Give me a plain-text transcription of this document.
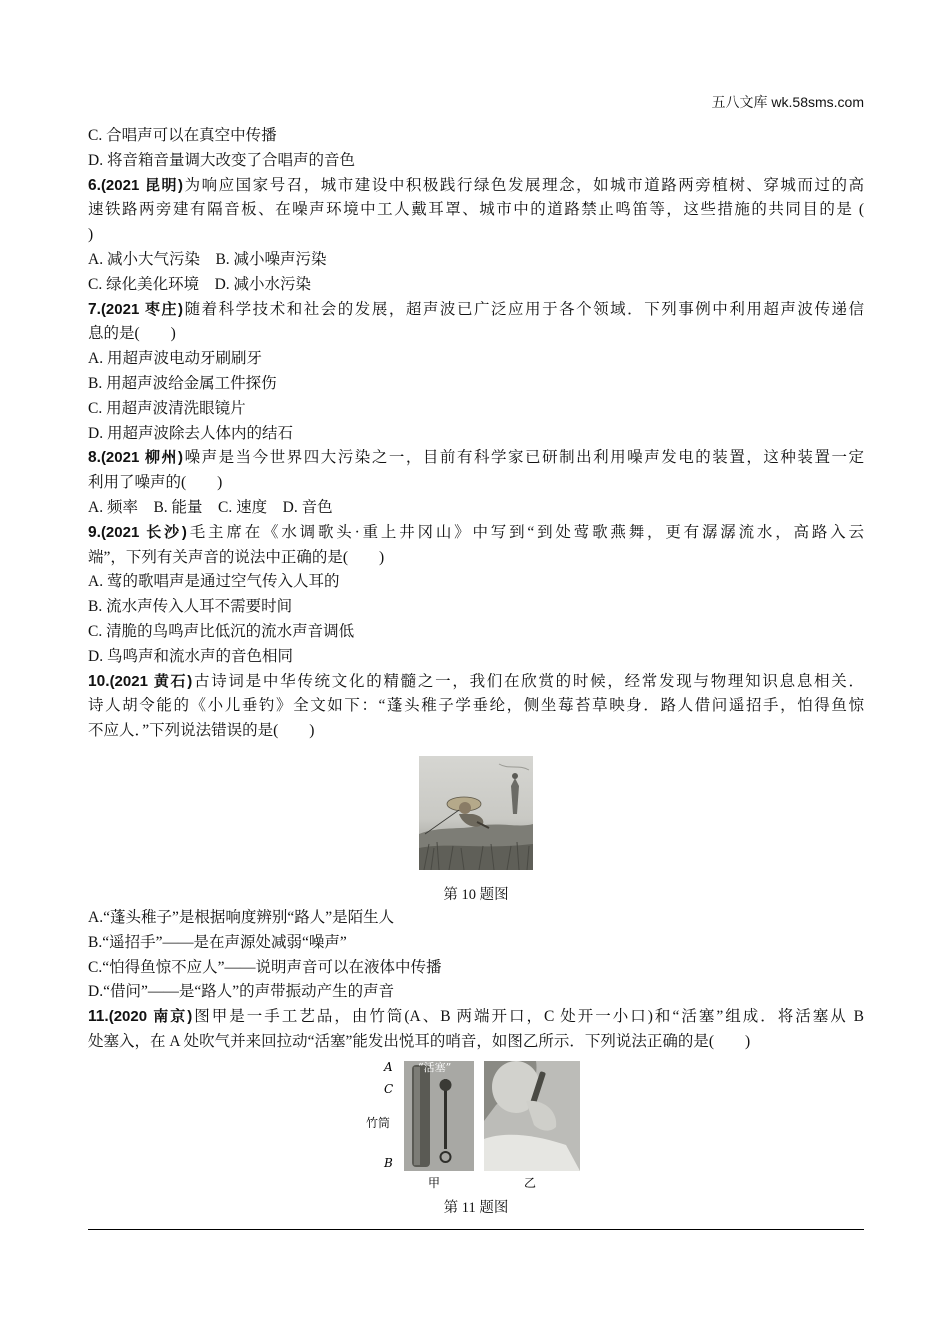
五八文库 wk.58sms.com
C. 合唱声可以在真空中传播
D. 将音箱音量调大改变了合唱声的音色
6.(2021 昆明)为响应国家号召，城市建设中积极践行绿色发展理念，如城市道路两旁植树、穿城而过的高
速铁路两旁建有隔音板、在噪声环境中工人戴耳罩、城市中的道路禁止鸣笛等，这些措施的共同目的是 (
)
A. 减小大气污染　B. 减小噪声污染
C. 绿化美化环境　D. 减小水污染
7.(2021 枣庄)随着科学技术和社会的发展，超声波已广泛应用于各个领域．下列事例中利用超声波传递信
息的是(　　)
A. 用超声波电动牙刷刷牙
B. 用超声波给金属工件探伤
C. 用超声波清洗眼镜片
D. 用超声波除去人体内的结石
8.(2021 柳州)噪声是当今世界四大污染之一，目前有科学家已研制出利用噪声发电的装置，这种装置一定
利用了噪声的(　　)
A. 频率　B. 能量　C. 速度　D. 音色
9.(2021 长沙)毛主席在《水调歌头·重上井冈山》中写到“到处莺歌燕舞，更有潺潺流水，高路入云
端”，下列有关声音的说法中正确的是(　　)
A. 莺的歌唱声是通过空气传入人耳的
B. 流水声传入人耳不需要时间
C. 清脆的鸟鸣声比低沉的流水声音调低
D. 鸟鸣声和流水声的音色相同
10.(2021 黄石)古诗词是中华传统文化的精髓之一，我们在欣赏的时候，经常发现与物理知识息息相关．
诗人胡令能的《小儿垂钓》全文如下：“蓬头稚子学垂纶，侧坐莓苔草映身．路人借问遥招手，怕得鱼惊
不应人．”下列说法错误的是(　　)
第 10 题图
A.“蓬头稚子”是根据响度辨别“路人”是陌生人
B.“遥招手”——是在声源处减弱“噪声”
C.“怕得鱼惊不应人”——说明声音可以在液体中传播
D.“借问”——是“路人”的声带振动产生的声音
11.(2020 南京)图甲是一手工艺品，由竹筒(A、B 两端开口，C 处开一小口)和“活塞”组成．将活塞从 B
处塞入，在 A 处吹气并来回拉动“活塞”能发出悦耳的哨音，如图乙所示．下列说法正确的是(　　)
A
C
竹筒
B
“活塞”
甲	乙
第 11 题图
